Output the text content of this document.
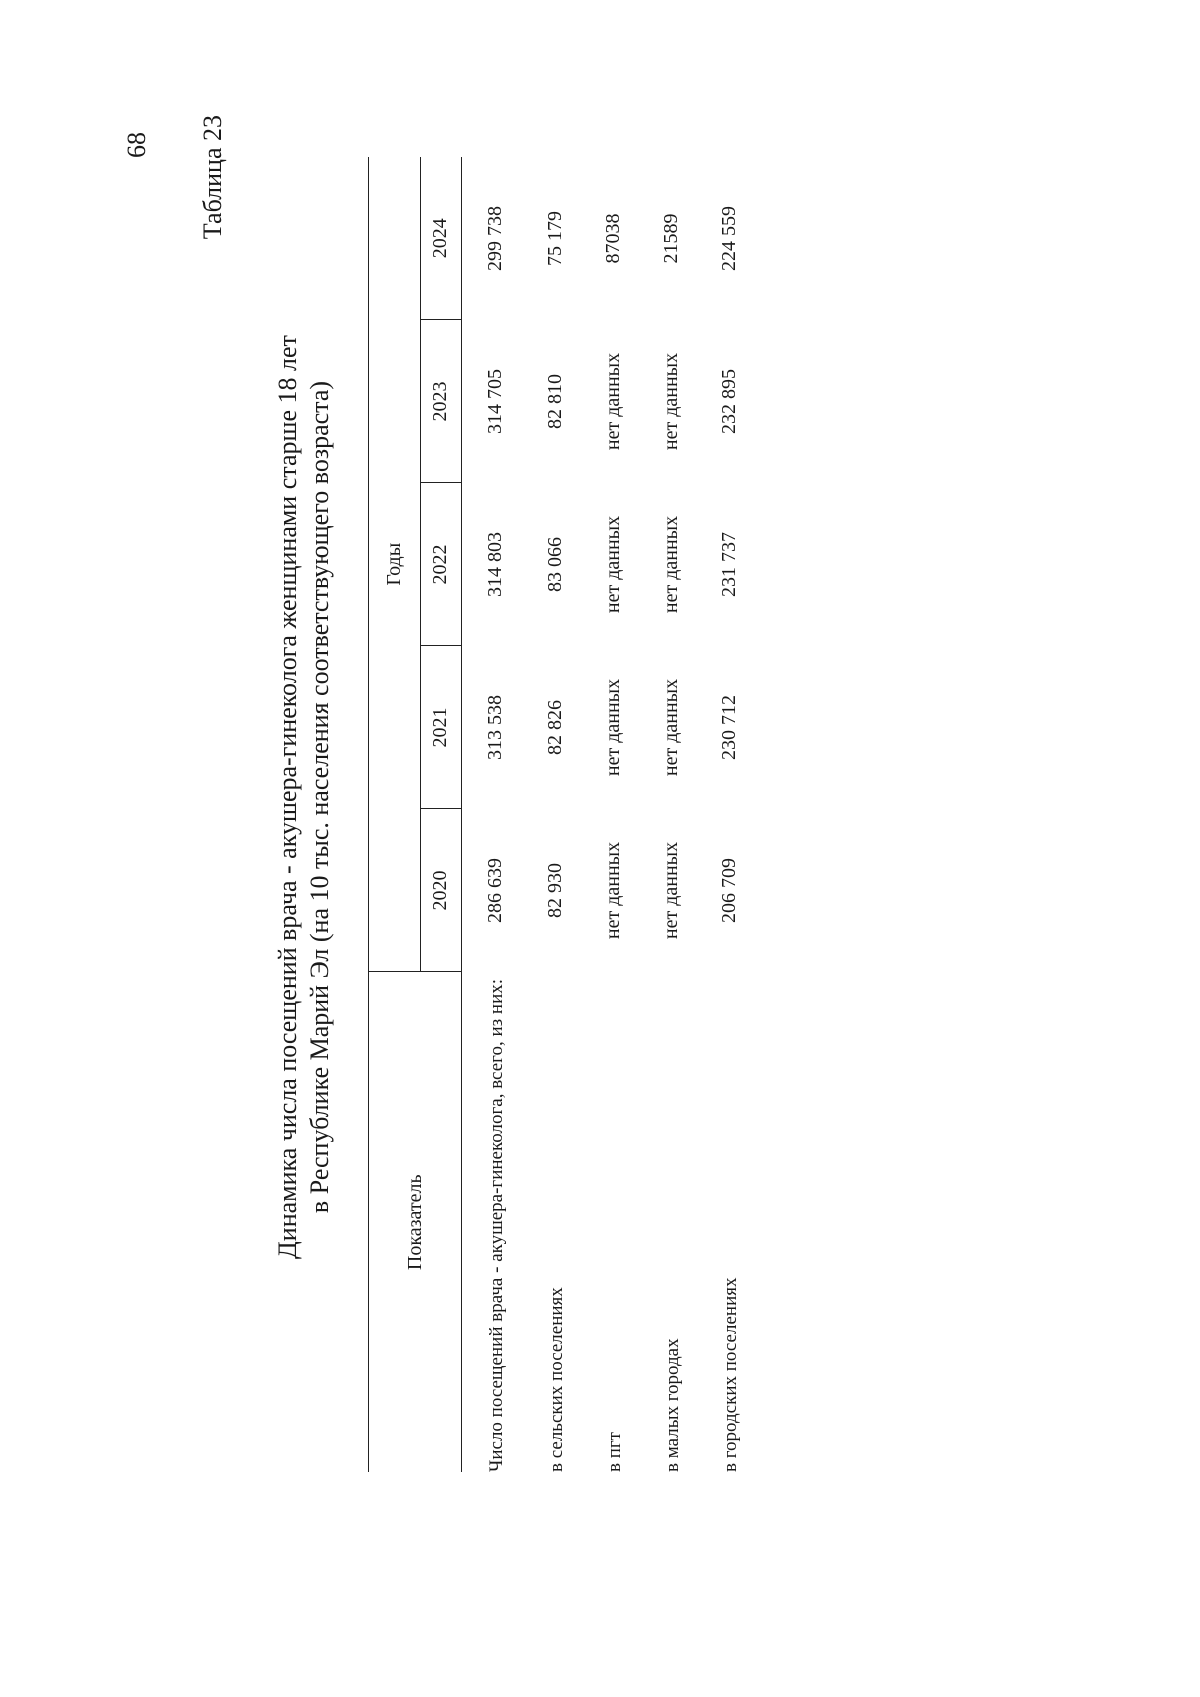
68 Таблица 23
Динамика числа посещений врача - акушера-гинеколога женщинами старше 18 лет в Республике Марий Эл (на 10 тыс. населения соответствующего возраста)
Показатель	Годы				
	2020	2021	2022	2023	2024
Число посещений врача - акушера-гинеколога, всего, из них:	286 639	313 538	314 803	314 705	299 738
в сельских поселениях	82 930	82 826	83 066	82 810	75 179
в пгт	нет данных	нет данных	нет данных	нет данных	87038
в малых городах	нет данных	нет данных	нет данных	нет данных	21589
в городских поселениях	206 709	230 712	231 737	232 895	224 559
